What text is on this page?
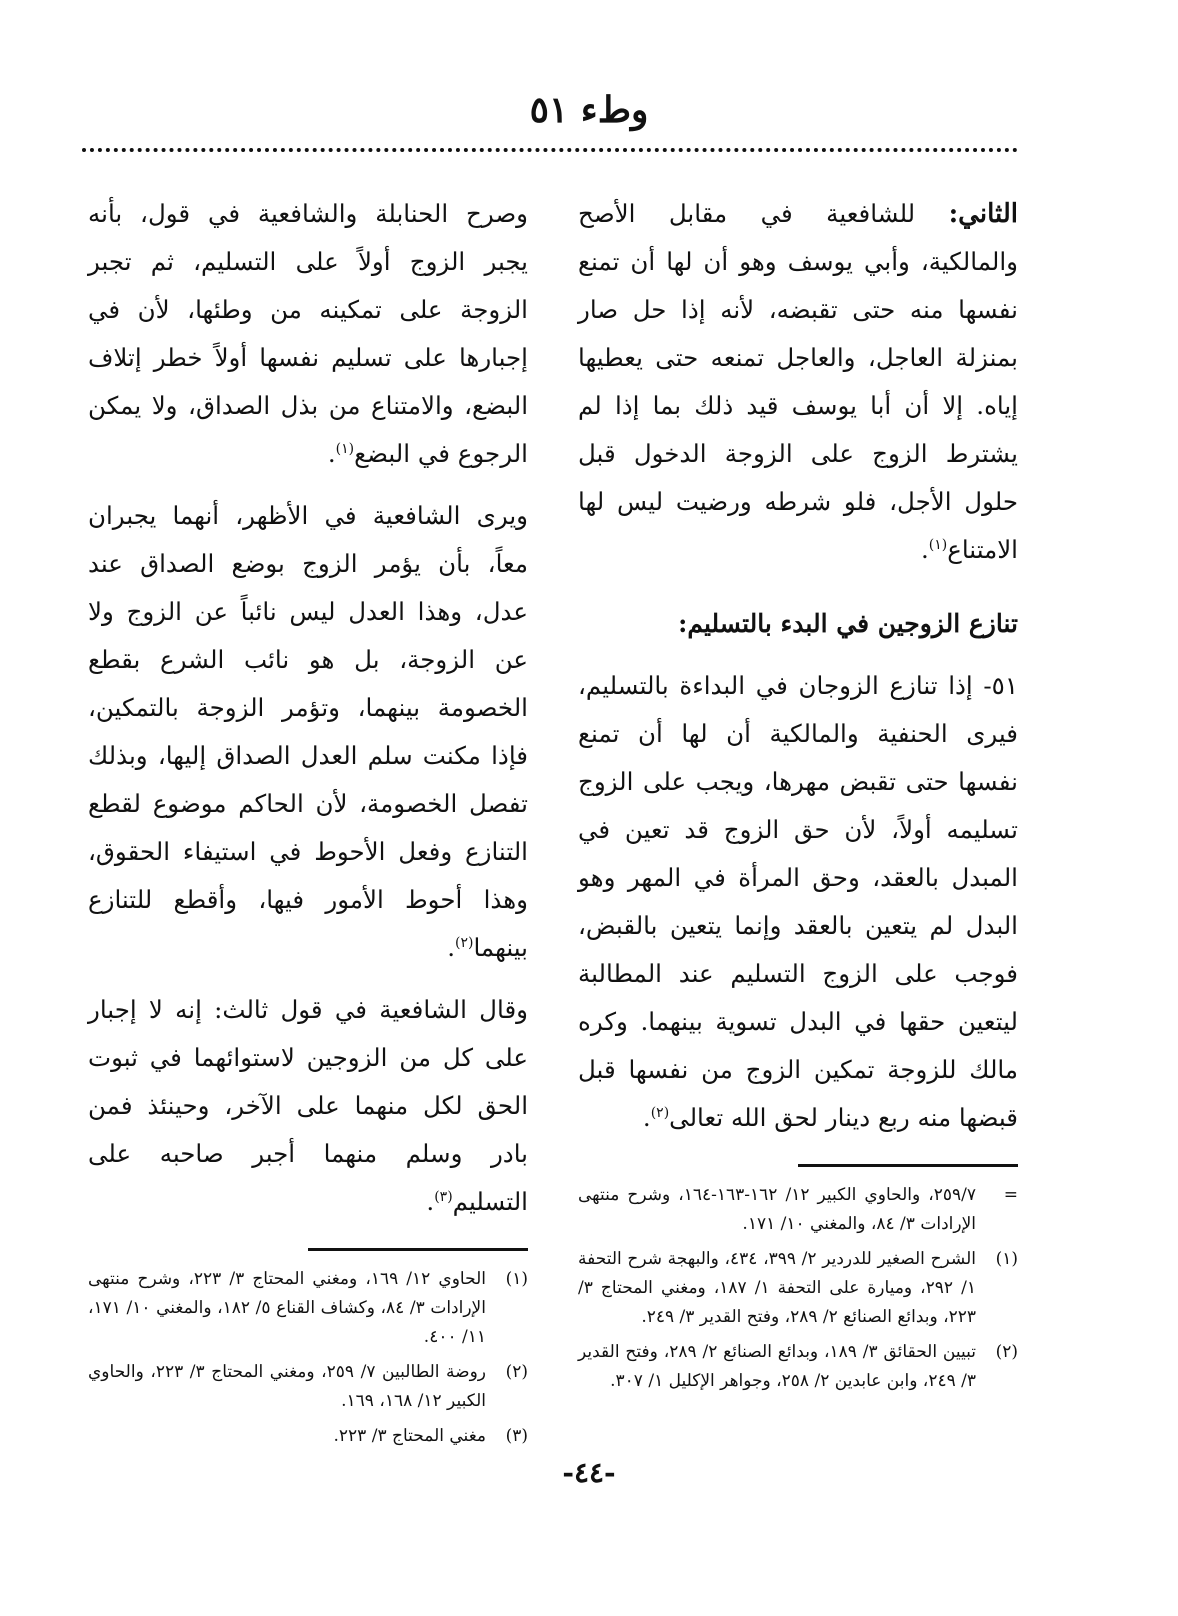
وطء ٥١

الثاني: للشافعية في مقابل الأصح والمالكية، وأبي يوسف وهو أن لها أن تمنع نفسها منه حتى تقبضه، لأنه إذا حل صار بمنزلة العاجل، والعاجل تمنعه حتى يعطيها إياه. إلا أن أبا يوسف قيد ذلك بما إذا لم يشترط الزوج على الزوجة الدخول قبل حلول الأجل، فلو شرطه ورضيت ليس لها الامتناع$^{(١)}$.

تنازع الزوجين في البدء بالتسليم:

٥١- إذا تنازع الزوجان في البداءة بالتسليم، فيرى الحنفية والمالكية أن لها أن تمنع نفسها حتى تقبض مهرها، ويجب على الزوج تسليمه أولاً، لأن حق الزوج قد تعين في المبدل بالعقد، وحق المرأة في المهر وهو البدل لم يتعين بالعقد وإنما يتعين بالقبض، فوجب على الزوج التسليم عند المطالبة ليتعين حقها في البدل تسوية بينهما. وكره مالك للزوجة تمكين الزوج من نفسها قبل قبضها منه ربع دينار لحق الله تعالى$^{(٢)}$.

=
٢٥٩/٧، والحاوي الكبير ١٢/ ١٦٢-١٦٣-١٦٤، وشرح منتهى الإرادات ٣/ ٨٤، والمغني ١٠/ ١٧١.
(١)
الشرح الصغير للدردير ٢/ ٣٩٩، ٤٣٤، والبهجة شرح التحفة ١/ ٢٩٢، وميارة على التحفة ١/ ١٨٧، ومغني المحتاج ٣/ ٢٢٣، وبدائع الصنائع ٢/ ٢٨٩، وفتح القدير ٣/ ٢٤٩.
(٢)
تبيين الحقائق ٣/ ١٨٩، وبدائع الصنائع ٢/ ٢٨٩، وفتح القدير ٣/ ٢٤٩، وابن عابدين ٢/ ٢٥٨، وجواهر الإكليل ١/ ٣٠٧.

وصرح الحنابلة والشافعية في قول، بأنه يجبر الزوج أولاً على التسليم، ثم تجبر الزوجة على تمكينه من وطئها، لأن في إجبارها على تسليم نفسها أولاً خطر إتلاف البضع، والامتناع من بذل الصداق، ولا يمكن الرجوع في البضع$^{(١)}$.

ويرى الشافعية في الأظهر، أنهما يجبران معاً، بأن يؤمر الزوج بوضع الصداق عند عدل، وهذا العدل ليس نائباً عن الزوج ولا عن الزوجة، بل هو نائب الشرع بقطع الخصومة بينهما، وتؤمر الزوجة بالتمكين، فإذا مكنت سلم العدل الصداق إليها، وبذلك تفصل الخصومة، لأن الحاكم موضوع لقطع التنازع وفعل الأحوط في استيفاء الحقوق، وهذا أحوط الأمور فيها، وأقطع للتنازع بينهما$^{(٢)}$.

وقال الشافعية في قول ثالث: إنه لا إجبار على كل من الزوجين لاستوائهما في ثبوت الحق لكل منهما على الآخر، وحينئذ فمن بادر وسلم منهما أجبر صاحبه على التسليم$^{(٣)}$.

(١)
الحاوي ١٢/ ١٦٩، ومغني المحتاج ٣/ ٢٢٣، وشرح منتهى الإرادات ٣/ ٨٤، وكشاف القناع ٥/ ١٨٢، والمغني ١٠/ ١٧١، ١١/ ٤٠٠.
(٢)
روضة الطالبين ٧/ ٢٥٩، ومغني المحتاج ٣/ ٢٢٣، والحاوي الكبير ١٢/ ١٦٨، ١٦٩.
(٣)
مغني المحتاج ٣/ ٢٢٣.
-٤٤-
